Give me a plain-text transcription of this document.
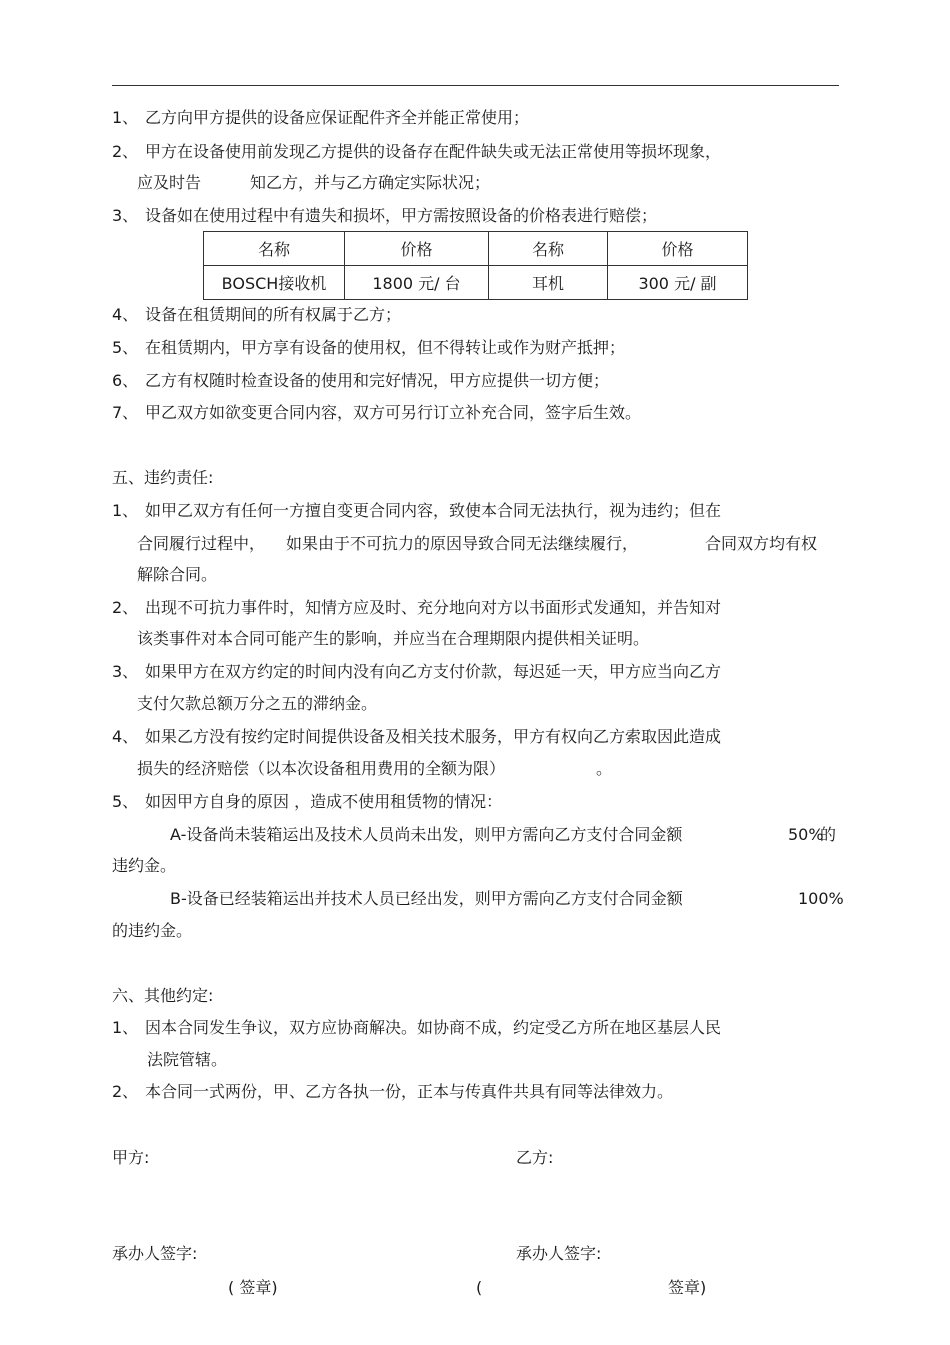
1、 乙方向甲方提供的设备应保证配件齐全并能正常使用；
2、 甲方在设备使用前发现乙方提供的设备存在配件缺失或无法正常使用等损坏现象，
应及时告	知乙方，并与乙方确定实际状况；
3、 设备如在使用过程中有遗失和损坏，甲方需按照设备的价格表进行赔偿；
名称	价格	名称	价格
BOSCH接收机	1800 元/ 台	耳机	300 元/ 副
4、 设备在租赁期间的所有权属于乙方；
5、 在租赁期内，甲方享有设备的使用权，但不得转让或作为财产抵押；
6、 乙方有权随时检查设备的使用和完好情况，甲方应提供一切方便；
7、 甲乙双方如欲变更合同内容，双方可另行订立补充合同，签字后生效。
五、违约责任:
1、 如甲乙双方有任何一方擅自变更合同内容，致使本合同无法执行，视为违约；但在
合同履行过程中， 如果由于不可抗力的原因导致合同无法继续履行，	合同双方均有权
解除合同。
2、 出现不可抗力事件时，知情方应及时、充分地向对方以书面形式发通知，并告知对
该类事件对本合同可能产生的影响，并应当在合理期限内提供相关证明。
3、 如果甲方在双方约定的时间内没有向乙方支付价款，每迟延一天，甲方应当向乙方
支付欠款总额万分之五的滞纳金。
4、 如果乙方没有按约定时间提供设备及相关技术服务，甲方有权向乙方索取因此造成
损失的经济赔偿（以本次设备租用费用的全额为限）	。
5、 如因甲方自身的原因 ，造成不使用租赁物的情况：
A-设备尚未装箱运出及技术人员尚未出发，则甲方需向乙方支付合同金额	50%
的
违约金。
B-设备已经装箱运出并技术人员已经出发，则甲方需向乙方支付合同金额	100%
的违约金。
六、其他约定:
1、 因本合同发生争议，双方应协商解决。如协商不成，约定受乙方所在地区基层人民
法院管辖。
2、 本合同一式两份，甲、乙方各执一份，正本与传真件共具有同等法律效力。
甲方:	乙方:
承办人签字:	承办人签字:
( 签章)	(	签章)
